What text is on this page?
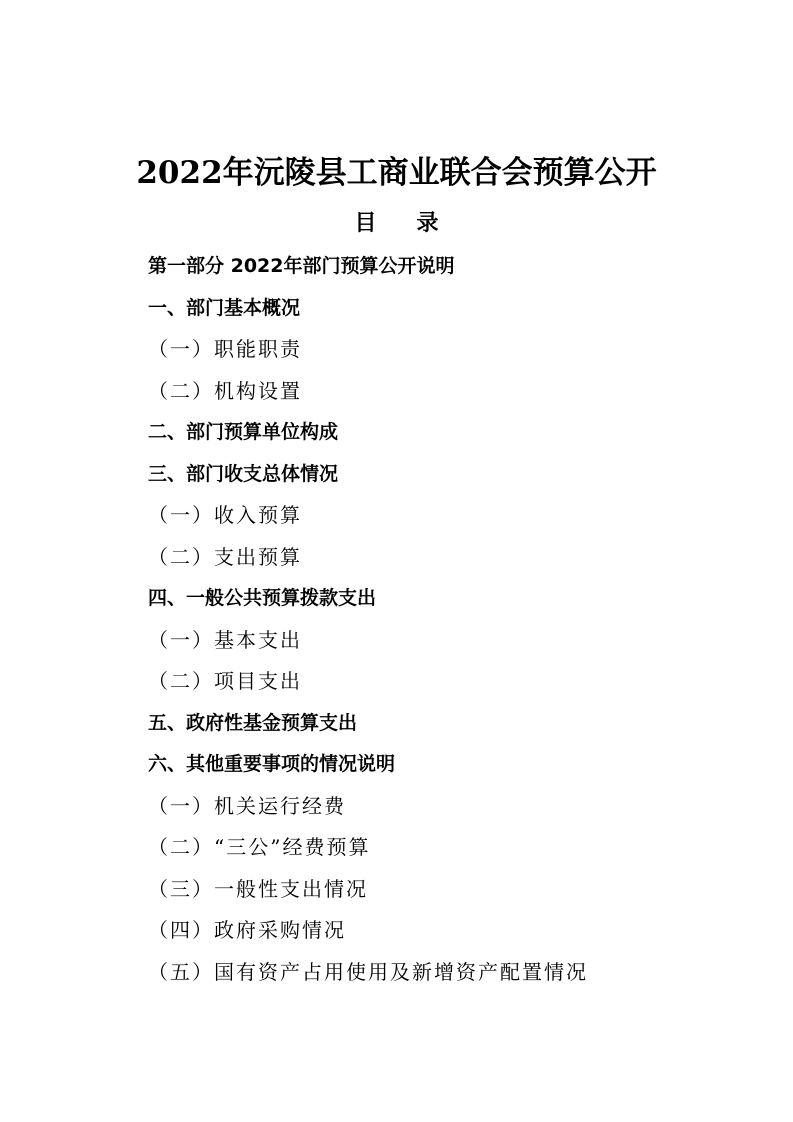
2022年沅陵县工商业联合会预算公开
目录
第一部分 2022年部门预算公开说明
一、部门基本概况
（一）职能职责
（二）机构设置
二、部门预算单位构成
三、部门收支总体情况
（一）收入预算
（二）支出预算
四、一般公共预算拨款支出
（一）基本支出
（二）项目支出
五、政府性基金预算支出
六、其他重要事项的情况说明
（一）机关运行经费
（二）“三公”经费预算
（三）一般性支出情况
（四）政府采购情况
（五）国有资产占用使用及新增资产配置情况
